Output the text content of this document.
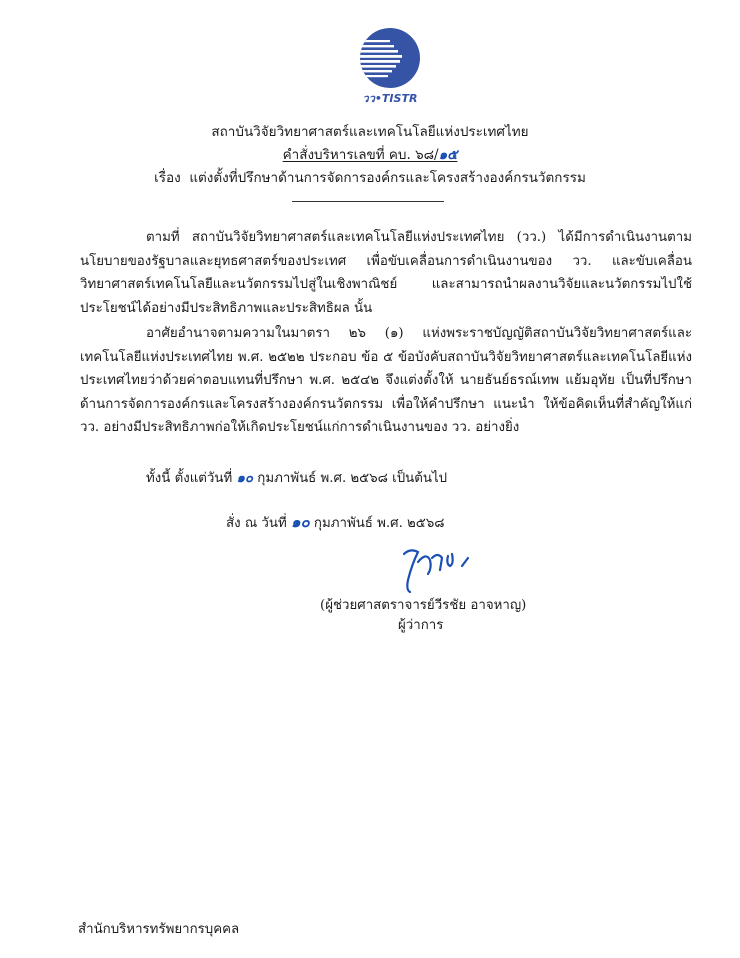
วว•TISTR
สถาบันวิจัยวิทยาศาสตร์และเทคโนโลยีแห่งประเทศไทย
คำสั่งบริหารเลขที่ คบ. ๖๘/๑๕
เรื่อง แต่งตั้งที่ปรึกษาด้านการจัดการองค์กรและโครงสร้างองค์กรนวัตกรรม
ตามที่ สถาบันวิจัยวิทยาศาสตร์และเทคโนโลยีแห่งประเทศไทย (วว.) ได้มีการดำเนินงานตามนโยบายของรัฐบาลและยุทธศาสตร์ของประเทศ เพื่อขับเคลื่อนการดำเนินงานของ วว. และขับเคลื่อนวิทยาศาสตร์เทคโนโลยีและนวัตกรรมไปสู่ในเชิงพาณิชย์ และสามารถนำผลงานวิจัยและนวัตกรรมไปใช้ประโยชน์ได้อย่างมีประสิทธิภาพและประสิทธิผล นั้น
อาศัยอำนาจตามความในมาตรา ๒๖ (๑) แห่งพระราชบัญญัติสถาบันวิจัยวิทยาศาสตร์และเทคโนโลยีแห่งประเทศไทย พ.ศ. ๒๕๒๒ ประกอบ ข้อ ๕ ข้อบังคับสถาบันวิจัยวิทยาศาสตร์และเทคโนโลยีแห่งประเทศไทยว่าด้วยค่าตอบแทนที่ปรึกษา พ.ศ. ๒๕๔๒ จึงแต่งตั้งให้ นายธันย์ธรณ์เทพ แย้มอุทัย เป็นที่ปรึกษาด้านการจัดการองค์กรและโครงสร้างองค์กรนวัตกรรม เพื่อให้คำปรึกษา แนะนำ ให้ข้อคิดเห็นที่สำคัญให้แก่ วว. อย่างมีประสิทธิภาพก่อให้เกิดประโยชน์แก่การดำเนินงานของ วว. อย่างยิ่ง
ทั้งนี้ ตั้งแต่วันที่ ๑๐ กุมภาพันธ์ พ.ศ. ๒๕๖๘ เป็นต้นไป
สั่ง ณ วันที่ ๑๐ กุมภาพันธ์ พ.ศ. ๒๕๖๘
(ผู้ช่วยศาสตราจารย์วีรชัย อาจหาญ)
ผู้ว่าการ
สำนักบริหารทรัพยากรบุคคล
